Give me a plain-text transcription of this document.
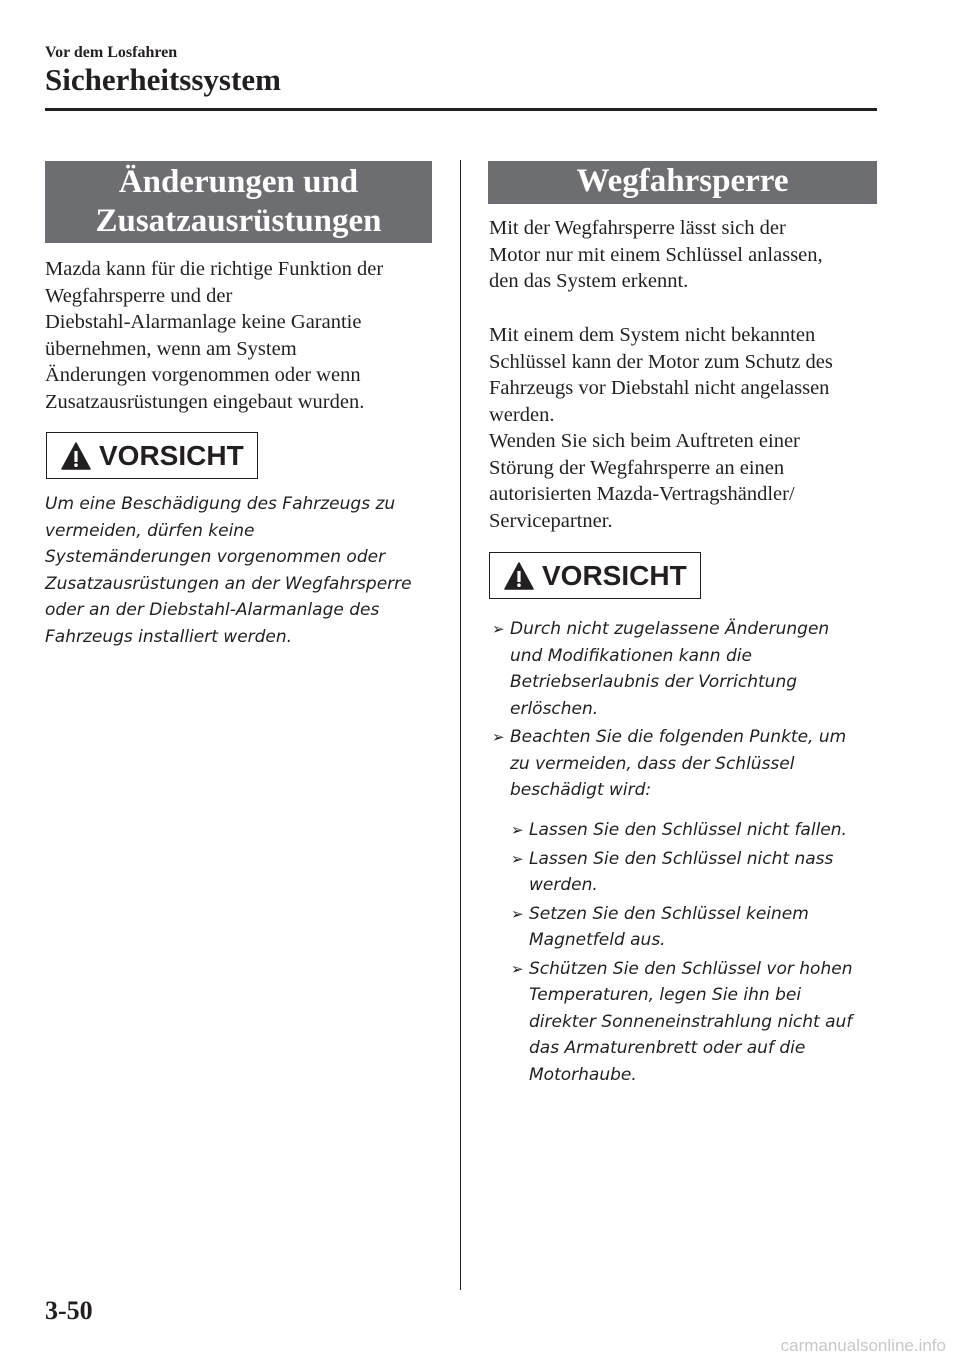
Vor dem Losfahren
Sicherheitssystem
Änderungen und
Zusatzausrüstungen
Mazda kann für die richtige Funktion der
Wegfahrsperre und der
Diebstahl-Alarmanlage keine Garantie
übernehmen, wenn am System
Änderungen vorgenommen oder wenn
Zusatzausrüstungen eingebaut wurden.
VORSICHT
Um eine Beschädigung des Fahrzeugs zu
vermeiden, dürfen keine
Systemänderungen vorgenommen oder
Zusatzausrüstungen an der Wegfahrsperre
oder an der Diebstahl-Alarmanlage des
Fahrzeugs installiert werden.
Wegfahrsperre
Mit der Wegfahrsperre lässt sich der
Motor nur mit einem Schlüssel anlassen,
den das System erkennt.
Mit einem dem System nicht bekannten
Schlüssel kann der Motor zum Schutz des
Fahrzeugs vor Diebstahl nicht angelassen
werden.
Wenden Sie sich beim Auftreten einer
Störung der Wegfahrsperre an einen
autorisierten Mazda-Vertragshändler/
Servicepartner.
VORSICHT
➢ Durch nicht zugelassene Änderungen
und Modifikationen kann die
Betriebserlaubnis der Vorrichtung
erlöschen.
➢ Beachten Sie die folgenden Punkte, um
zu vermeiden, dass der Schlüssel
beschädigt wird:
➢ Lassen Sie den Schlüssel nicht fallen.
➢ Lassen Sie den Schlüssel nicht nass
werden.
➢ Setzen Sie den Schlüssel keinem
Magnetfeld aus.
➢ Schützen Sie den Schlüssel vor hohen
Temperaturen, legen Sie ihn bei
direkter Sonneneinstrahlung nicht auf
das Armaturenbrett oder auf die
Motorhaube.
3-50
carmanualsonline.info
